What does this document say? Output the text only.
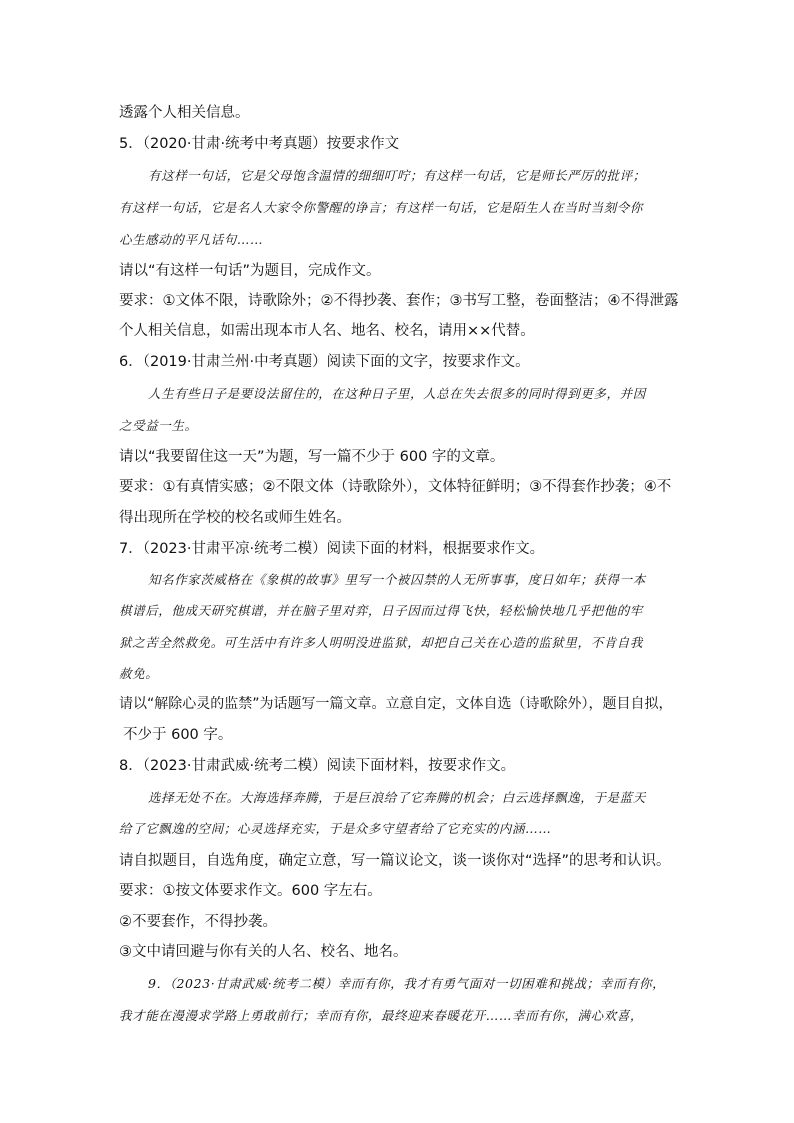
透露个人相关信息。
5．（2020·甘肃·统考中考真题）按要求作文
有这样一句话，它是父母饱含温情的细细叮咛；有这样一句话，它是师长严厉的批评；
有这样一句话，它是名人大家令你警醒的诤言；有这样一句话，它是陌生人在当时当刻令你
心生感动的平凡话句……
请以“有这样一句话”为题目，完成作文。
要求：①文体不限，诗歌除外；②不得抄袭、套作；③书写工整，卷面整洁；④不得泄露
个人相关信息，如需出现本市人名、地名、校名，请用××代替。
6．（2019·甘肃兰州·中考真题）阅读下面的文字，按要求作文。
人生有些日子是要设法留住的，在这种日子里，人总在失去很多的同时得到更多，并因
之受益一生。
请以“我要留住这一天”为题，写一篇不少于 600 字的文章。
要求：①有真情实感；②不限文体（诗歌除外），文体特征鲜明；③不得套作抄袭；④不
得出现所在学校的校名或师生姓名。
7．（2023·甘肃平凉·统考二模）阅读下面的材料，根据要求作文。
知名作家茨威格在《象棋的故事》里写一个被囚禁的人无所事事，度日如年；获得一本
棋谱后，他成天研究棋谱，并在脑子里对弈，日子因而过得飞快，轻松愉快地几乎把他的牢
狱之苦全然救免。可生活中有许多人明明没进监狱，却把自己关在心造的监狱里，不肯自我
赦免。
请以“解除心灵的监禁”为话题写一篇文章。立意自定，文体自选（诗歌除外），题目自拟，
不少于 600 字。
8．（2023·甘肃武威·统考二模）阅读下面材料，按要求作文。
选择无处不在。大海选择奔腾，于是巨浪给了它奔腾的机会；白云选择飘逸，于是蓝天
给了它飘逸的空间；心灵选择充实，于是众多守望者给了它充实的内涵……
请自拟题目，自选角度，确定立意，写一篇议论文，谈一谈你对“选择”的思考和认识。
要求：①按文体要求作文。600 字左右。
②不要套作，不得抄袭。
③文中请回避与你有关的人名、校名、地名。
9．（2023·甘肃武威·统考二模）幸而有你，我才有勇气面对一切困难和挑战；幸而有你，
我才能在漫漫求学路上勇敢前行；幸而有你，最终迎来春暖花开……幸而有你，满心欢喜，
